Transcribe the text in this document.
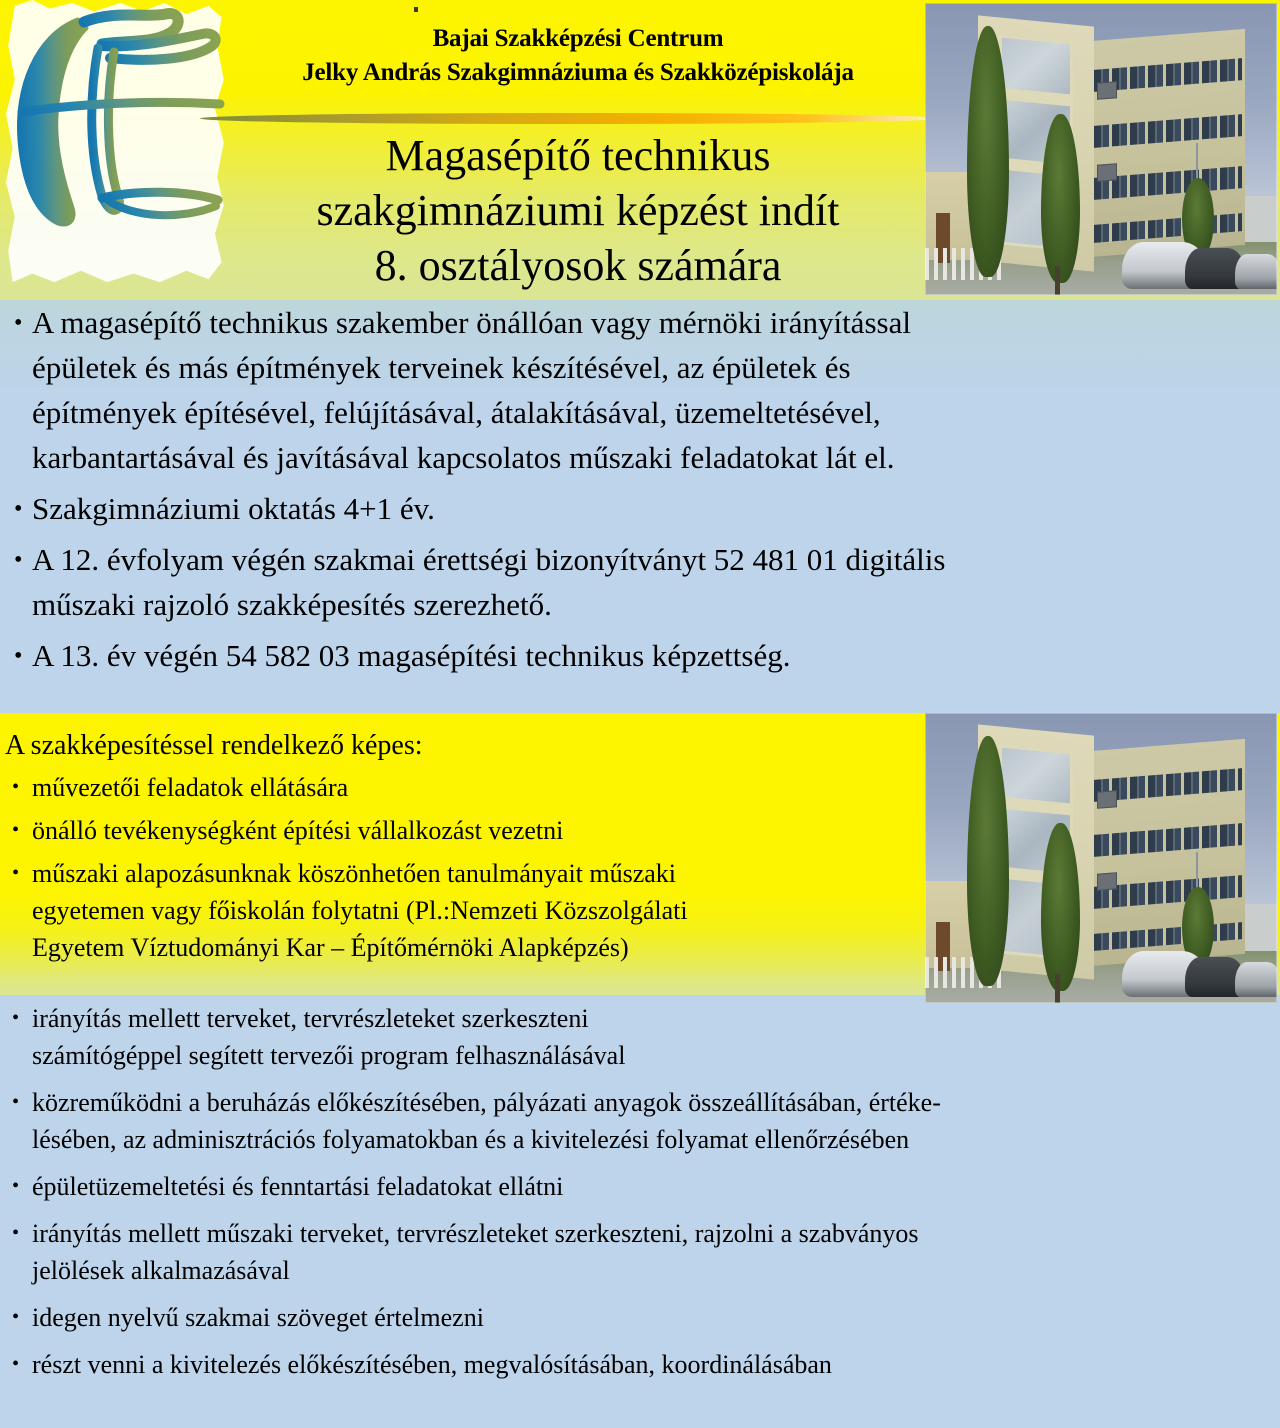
Bajai Szakképzési Centrum
Jelky András Szakgimnáziuma és Szakközépiskolája
Magasépítő technikus
szakgimnáziumi képzést indít
8. osztályosok számára
• A magasépítő technikus szakember önállóan vagy mérnöki irányítással
épületek és más építmények terveinek készítésével, az épületek és
építmények építésével, felújításával, átalakításával, üzemeltetésével,
karbantartásával és javításával kapcsolatos műszaki feladatokat lát el.
• Szakgimnáziumi oktatás 4+1 év.
• A 12. évfolyam végén szakmai érettségi bizonyítványt 52 481 01 digitális
műszaki rajzoló szakképesítés szerezhető.
• A 13. év végén 54 582 03 magasépítési technikus képzettség.
A szakképesítéssel rendelkező képes:
• művezetői feladatok ellátására
• önálló tevékenységként építési vállalkozást vezetni
• műszaki alapozásunknak köszönhetően tanulmányait műszaki
egyetemen vagy főiskolán folytatni (Pl.:Nemzeti Közszolgálati
Egyetem Víztudományi Kar – Építőmérnöki Alapképzés)
• irányítás mellett terveket, tervrészleteket szerkeszteni
számítógéppel segített tervezői program felhasználásával
• közreműködni a beruházás előkészítésében, pályázati anyagok összeállításában, értéke-
lésében, az adminisztrációs folyamatokban és a kivitelezési folyamat ellenőrzésében
• épületüzemeltetési és fenntartási feladatokat ellátni
• irányítás mellett műszaki terveket, tervrészleteket szerkeszteni, rajzolni a szabványos
jelölések alkalmazásával
• idegen nyelvű szakmai szöveget értelmezni
• részt venni a kivitelezés előkészítésében, megvalósításában, koordinálásában
